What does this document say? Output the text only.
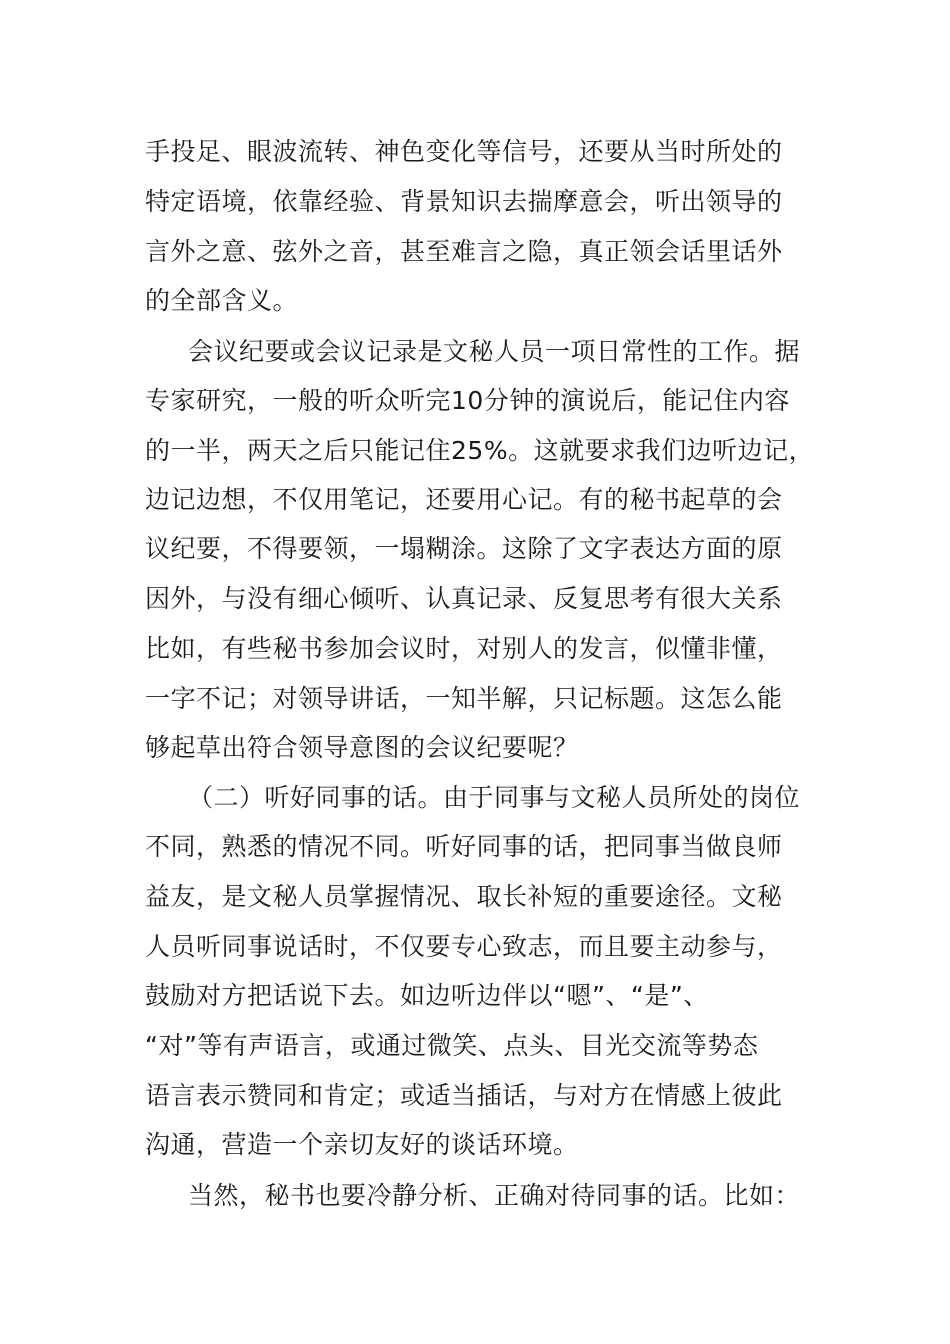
手投足、眼波流转、神色变化等信号，还要从当时所处的
特定语境，依靠经验、背景知识去揣摩意会，听出领导的
言外之意、弦外之音，甚至难言之隐，真正领会话里话外
的全部含义。
会议纪要或会议记录是文秘人员一项日常性的工作。据
专家研究，一般的听众听完10分钟的演说后，能记住内容
的一半，两天之后只能记住25%。这就要求我们边听边记，
边记边想，不仅用笔记，还要用心记。有的秘书起草的会
议纪要，不得要领，一塌糊涂。这除了文字表达方面的原
因外，与没有细心倾听、认真记录、反复思考有很大关系
比如，有些秘书参加会议时，对别人的发言，似懂非懂，
一字不记；对领导讲话，一知半解，只记标题。这怎么能
够起草出符合领导意图的会议纪要呢？
（二）听好同事的话。由于同事与文秘人员所处的岗位
不同，熟悉的情况不同。听好同事的话，把同事当做良师
益友，是文秘人员掌握情况、取长补短的重要途径。文秘
人员听同事说话时，不仅要专心致志，而且要主动参与，
鼓励对方把话说下去。如边听边伴以“嗯”、“是”、
“对”等有声语言，或通过微笑、点头、目光交流等势态
语言表示赞同和肯定；或适当插话，与对方在情感上彼此
沟通，营造一个亲切友好的谈话环境。
当然，秘书也要冷静分析、正确对待同事的话。比如：
